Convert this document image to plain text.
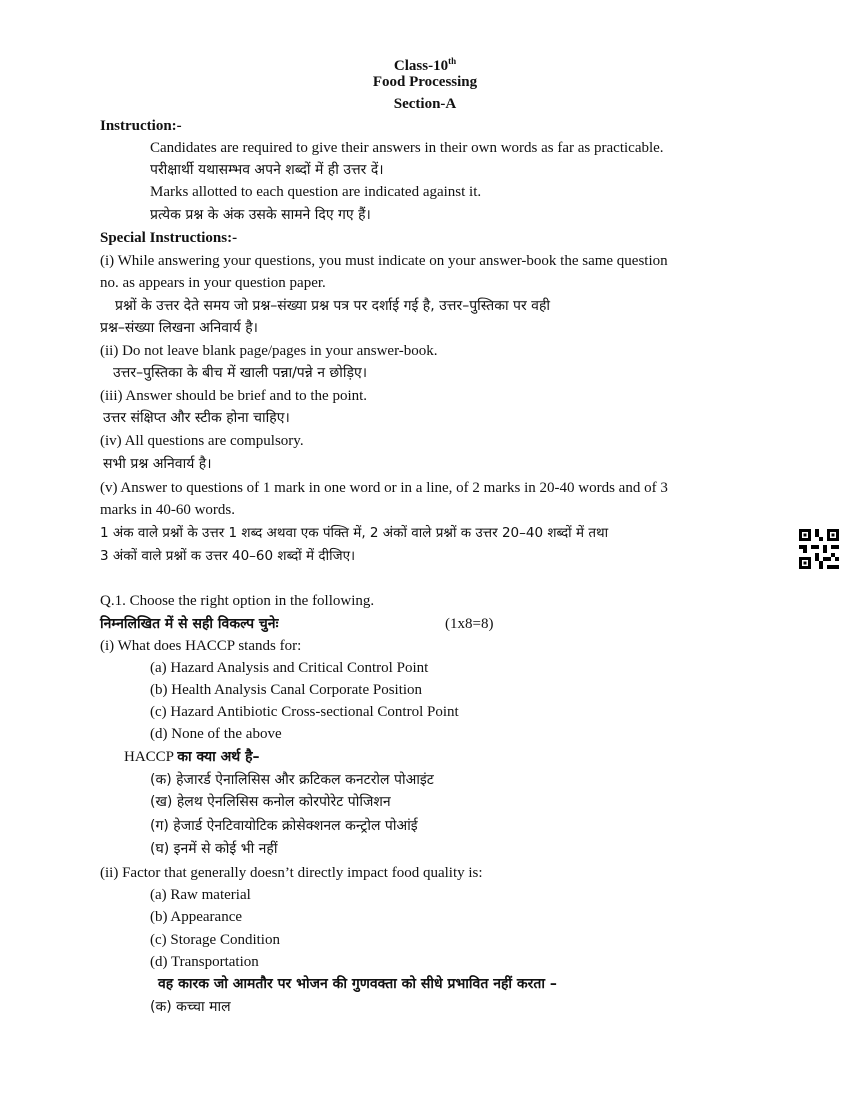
Class-10th
Food Processing
Section-A
Instruction:-
Candidates are required to give their answers in their own words as far as practicable.
परीक्षार्थी यथासम्भव अपने शब्दों में ही उत्तर दें।
Marks allotted to each question are indicated against it.
प्रत्येक प्रश्न के अंक उसके सामने दिए गए हैं।
Special Instructions:-
(i) While answering your questions, you must indicate on your answer-book the same question
no. as appears in your question paper.
प्रश्नों के उत्तर देते समय जो प्रश्न–संख्या प्रश्न पत्र पर दर्शाई गई है, उत्तर–पुस्तिका पर वही
प्रश्न–संख्या लिखना अनिवार्य है।
(ii) Do not leave blank page/pages in your answer-book.
उत्तर–पुस्तिका के बीच में खाली पन्ना/पन्ने न छोड़िए।
(iii) Answer should be brief and to the point.
उत्तर संक्षिप्त और स्टीक होना चाहिए।
(iv) All questions are compulsory.
सभी प्रश्न अनिवार्य है।
(v) Answer to questions of 1 mark in one word or in a line, of 2 marks in 20-40 words and of 3
marks in 40-60 words.
1 अंक वाले प्रश्नों के उत्तर 1 शब्द अथवा एक पंक्ति में, 2 अंकों वाले प्रश्नों क उत्तर 20–40 शब्दों में तथा
3 अंकों वाले प्रश्नों क उत्तर 40–60 शब्दों में दीजिए।
Q.1. Choose the right option in the following.
निम्नलिखित में से सही विकल्प चुनेः	(1x8=8)
(i) What does HACCP stands for:
(a) Hazard Analysis and Critical Control Point
(b) Health Analysis Canal Corporate Position
(c) Hazard Antibiotic Cross-sectional Control Point
(d) None of the above
HACCP का क्या अर्थ है–
(क) हेजारर्ड ऐनालिसिस और क्रटिकल कनटरोल पोआइंट
(ख) हेलथ ऐनलिसिस कनोल कोरपोरेट पोजिशन
(ग) हेजार्ड ऐनटिवायोटिक क्रोसेक्शनल कन्ट्रोल पोआंई
(घ) इनमें से कोई भी नहीं
(ii) Factor that generally doesn’t directly impact food quality is:
(a) Raw material
(b) Appearance
(c) Storage Condition
(d) Transportation
वह कारक जो आमतौर पर भोजन की गुणवक्ता को सीधे प्रभावित नहीं करता –
(क) कच्चा माल
